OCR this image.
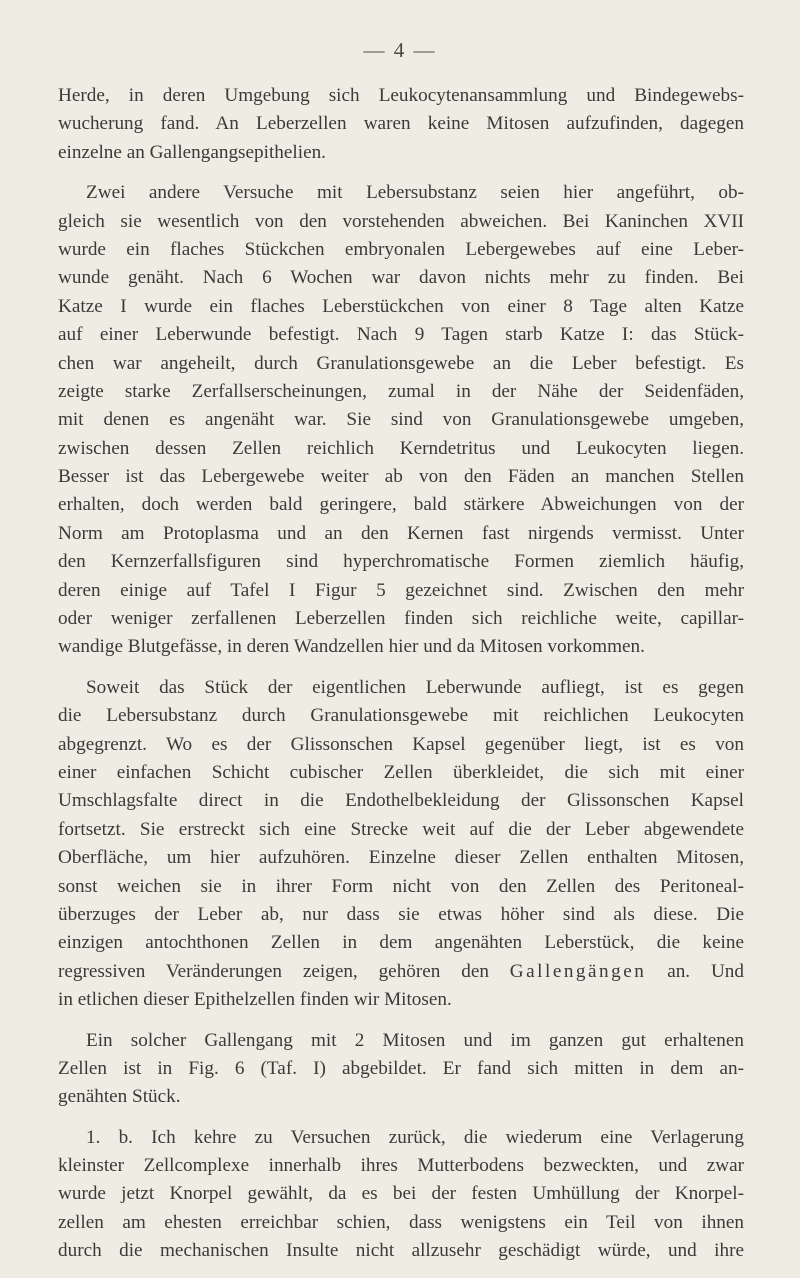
— 4 —
Herde, in deren Umgebung sich Leukocytenansammlung und Bindegewebs-
wucherung fand. An Leberzellen waren keine Mitosen aufzufinden, dagegen
einzelne an Gallengangsepithelien.
Zwei andere Versuche mit Lebersubstanz seien hier angeführt, ob-
gleich sie wesentlich von den vorstehenden abweichen. Bei Kaninchen XVII
wurde ein flaches Stückchen embryonalen Lebergewebes auf eine Leber-
wunde genäht. Nach 6 Wochen war davon nichts mehr zu finden. Bei
Katze I wurde ein flaches Leberstückchen von einer 8 Tage alten Katze
auf einer Leberwunde befestigt. Nach 9 Tagen starb Katze I: das Stück-
chen war angeheilt, durch Granulationsgewebe an die Leber befestigt. Es
zeigte starke Zerfallserscheinungen, zumal in der Nähe der Seidenfäden,
mit denen es angenäht war. Sie sind von Granulationsgewebe umgeben,
zwischen dessen Zellen reichlich Kerndetritus und Leukocyten liegen.
Besser ist das Lebergewebe weiter ab von den Fäden an manchen Stellen
erhalten, doch werden bald geringere, bald stärkere Abweichungen von der
Norm am Protoplasma und an den Kernen fast nirgends vermisst. Unter
den Kernzerfallsfiguren sind hyperchromatische Formen ziemlich häufig,
deren einige auf Tafel I Figur 5 gezeichnet sind. Zwischen den mehr
oder weniger zerfallenen Leberzellen finden sich reichliche weite, capillar-
wandige Blutgefässe, in deren Wandzellen hier und da Mitosen vorkommen.
Soweit das Stück der eigentlichen Leberwunde aufliegt, ist es gegen
die Lebersubstanz durch Granulationsgewebe mit reichlichen Leukocyten
abgegrenzt. Wo es der Glissonschen Kapsel gegenüber liegt, ist es von
einer einfachen Schicht cubischer Zellen überkleidet, die sich mit einer
Umschlagsfalte direct in die Endothelbekleidung der Glissonschen Kapsel
fortsetzt. Sie erstreckt sich eine Strecke weit auf die der Leber abgewendete
Oberfläche, um hier aufzuhören. Einzelne dieser Zellen enthalten Mitosen,
sonst weichen sie in ihrer Form nicht von den Zellen des Peritoneal-
überzuges der Leber ab, nur dass sie etwas höher sind als diese. Die
einzigen antochthonen Zellen in dem angenähten Leberstück, die keine
regressiven Veränderungen zeigen, gehören den Gallengängen an. Und
in etlichen dieser Epithelzellen finden wir Mitosen.
Ein solcher Gallengang mit 2 Mitosen und im ganzen gut erhaltenen
Zellen ist in Fig. 6 (Taf. I) abgebildet. Er fand sich mitten in dem an-
genähten Stück.
1. b. Ich kehre zu Versuchen zurück, die wiederum eine Verlagerung
kleinster Zellcomplexe innerhalb ihres Mutterbodens bezweckten, und zwar
wurde jetzt Knorpel gewählt, da es bei der festen Umhüllung der Knorpel-
zellen am ehesten erreichbar schien, dass wenigstens ein Teil von ihnen
durch die mechanischen Insulte nicht allzusehr geschädigt würde, und ihre
